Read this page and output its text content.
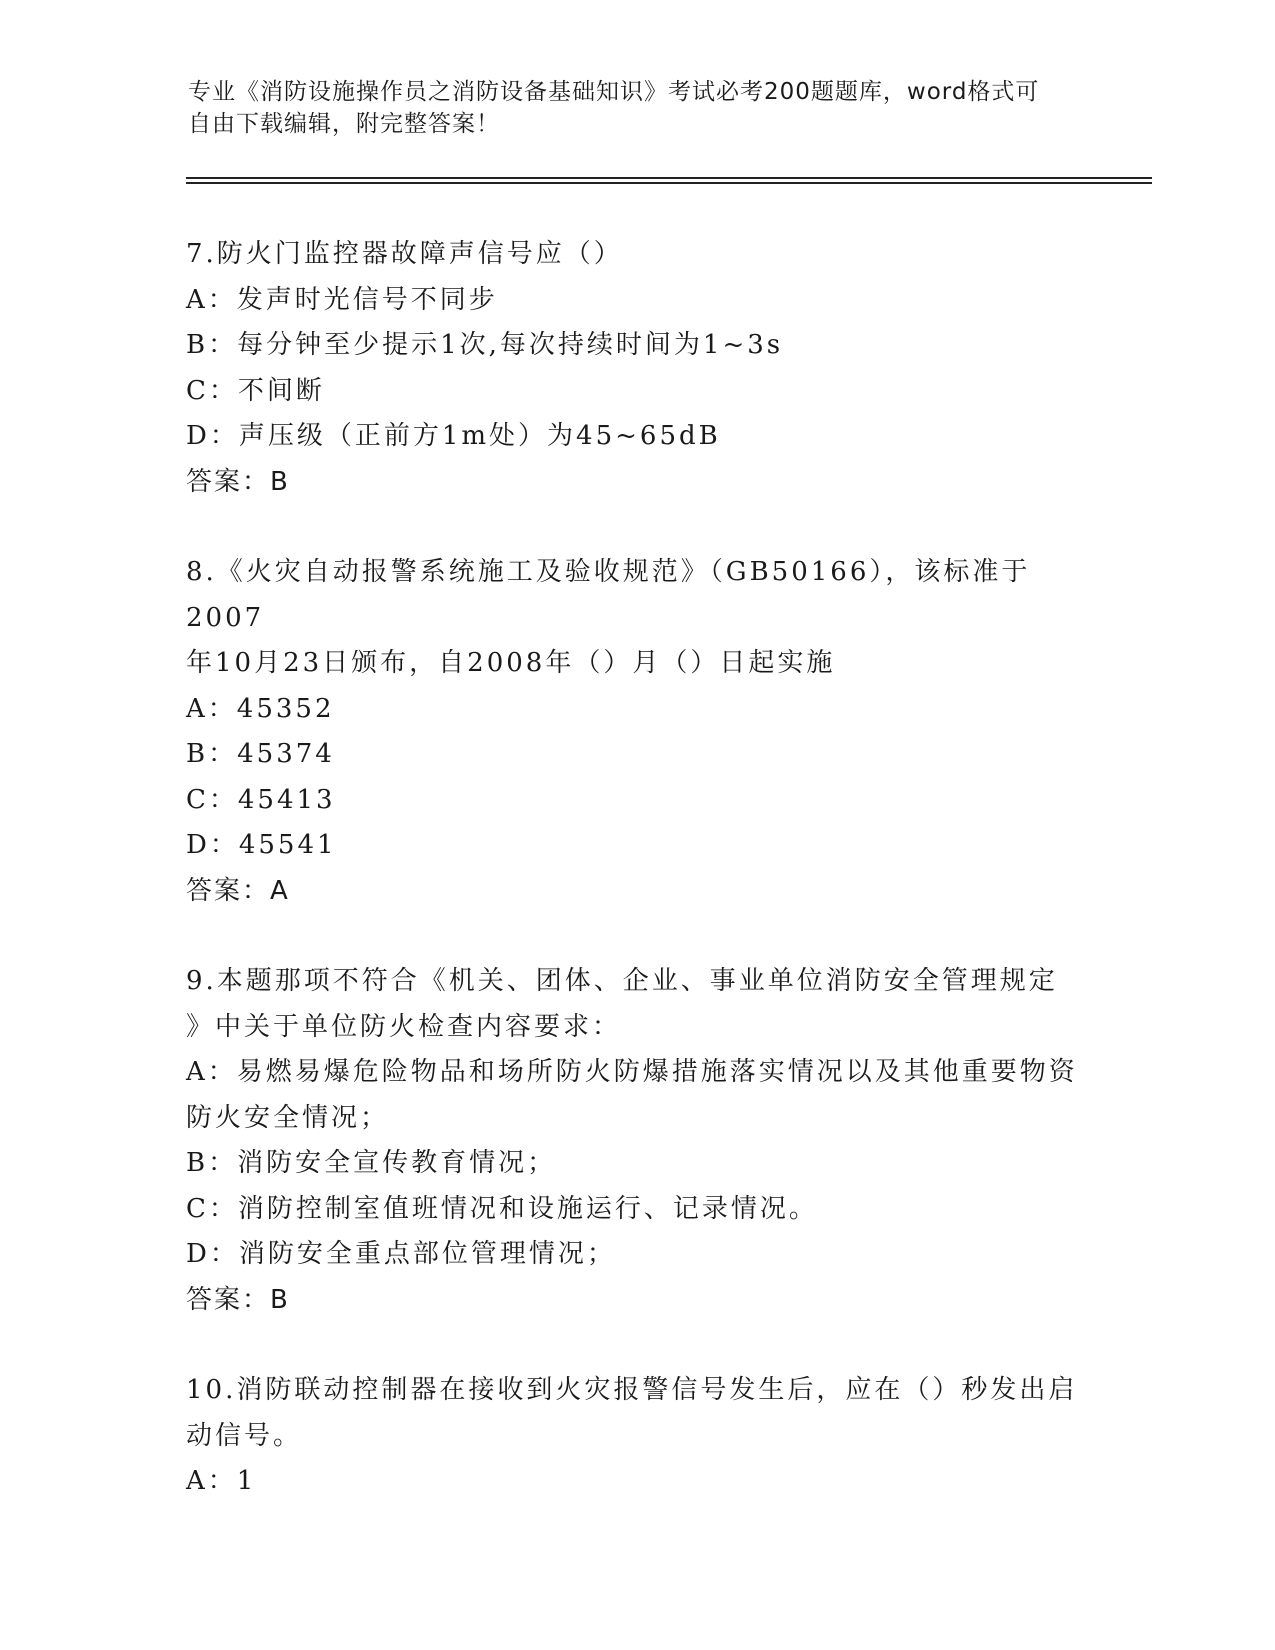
专业《消防设施操作员之消防设备基础知识》考试必考200题题库，word格式可
自由下载编辑，附完整答案！
7.防火门监控器故障声信号应（）
A：发声时光信号不同步
B：每分钟至少提示1次,每次持续时间为1~3s
C：不间断
D：声压级（正前方1m处）为45~65dB
答案：B
8.《火灾自动报警系统施工及验收规范》（GB50166），该标准于2007
年10月23日颁布，自2008年（）月（）日起实施
A：45352
B：45374
C：45413
D：45541
答案：A
9.本题那项不符合《机关、团体、企业、事业单位消防安全管理规定
》中关于单位防火检查内容要求：
A：易燃易爆危险物品和场所防火防爆措施落实情况以及其他重要物资
防火安全情况；
B：消防安全宣传教育情况；
C：消防控制室值班情况和设施运行、记录情况。
D：消防安全重点部位管理情况；
答案：B
10.消防联动控制器在接收到火灾报警信号发生后，应在（）秒发出启
动信号。
A：1
